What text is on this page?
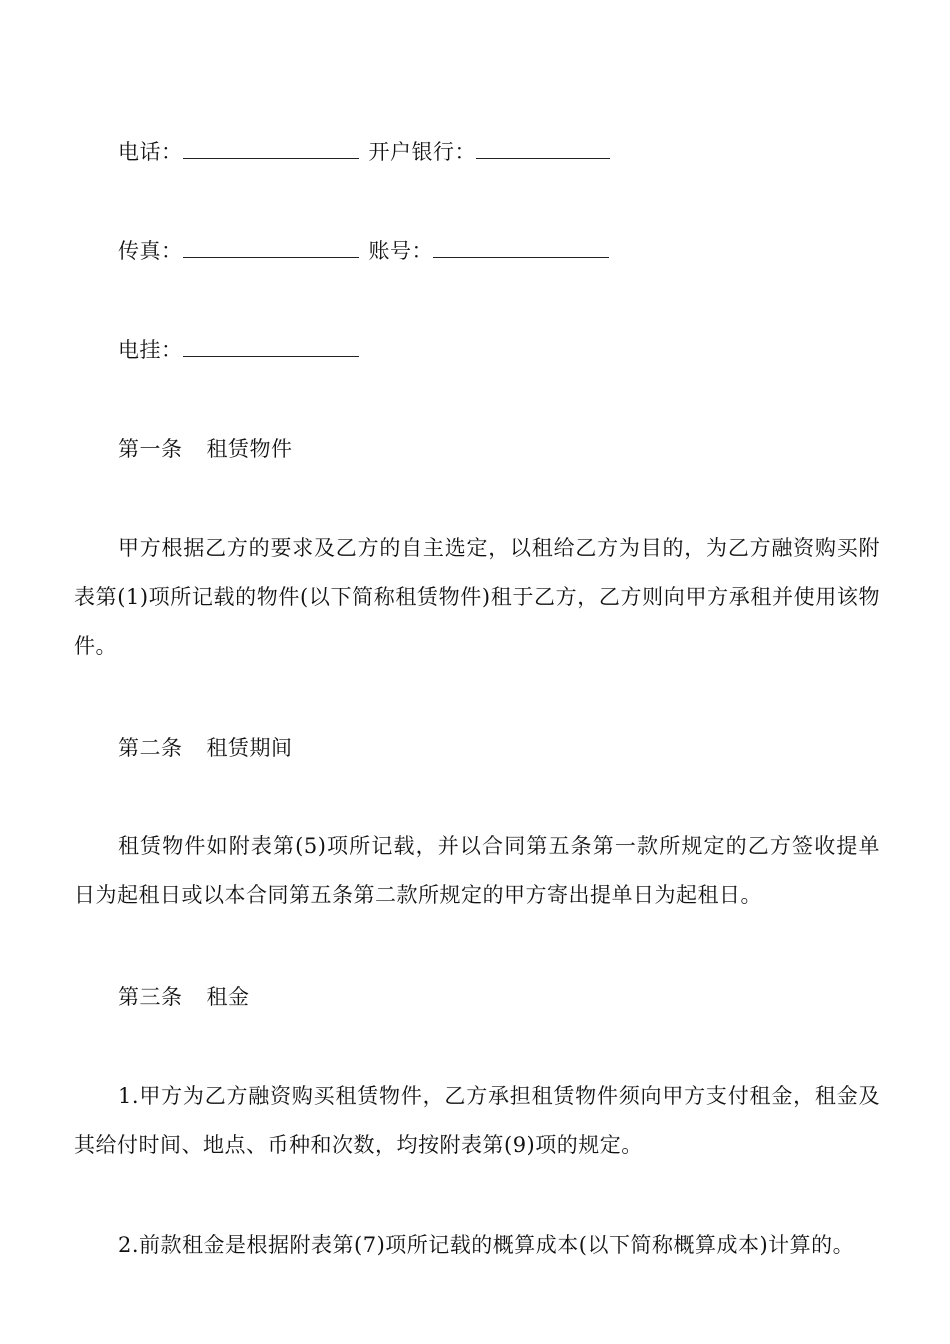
电话：	开户银行：
传真：	账号：
电挂：
第一条 租赁物件

甲方根据乙方的要求及乙方的自主选定，以租给乙方为目的，为乙方融资购买附表第(1)项所记载的物件(以下简称租赁物件)租于乙方，乙方则向甲方承租并使用该物件。

第二条 租赁期间

租赁物件如附表第(5)项所记载，并以合同第五条第一款所规定的乙方签收提单日为起租日或以本合同第五条第二款所规定的甲方寄出提单日为起租日。

第三条 租金

1.甲方为乙方融资购买租赁物件，乙方承担租赁物件须向甲方支付租金，租金及其给付时间、地点、币种和次数，均按附表第(9)项的规定。

2.前款租金是根据附表第(7)项所记载的概算成本(以下简称概算成本)计算的。
